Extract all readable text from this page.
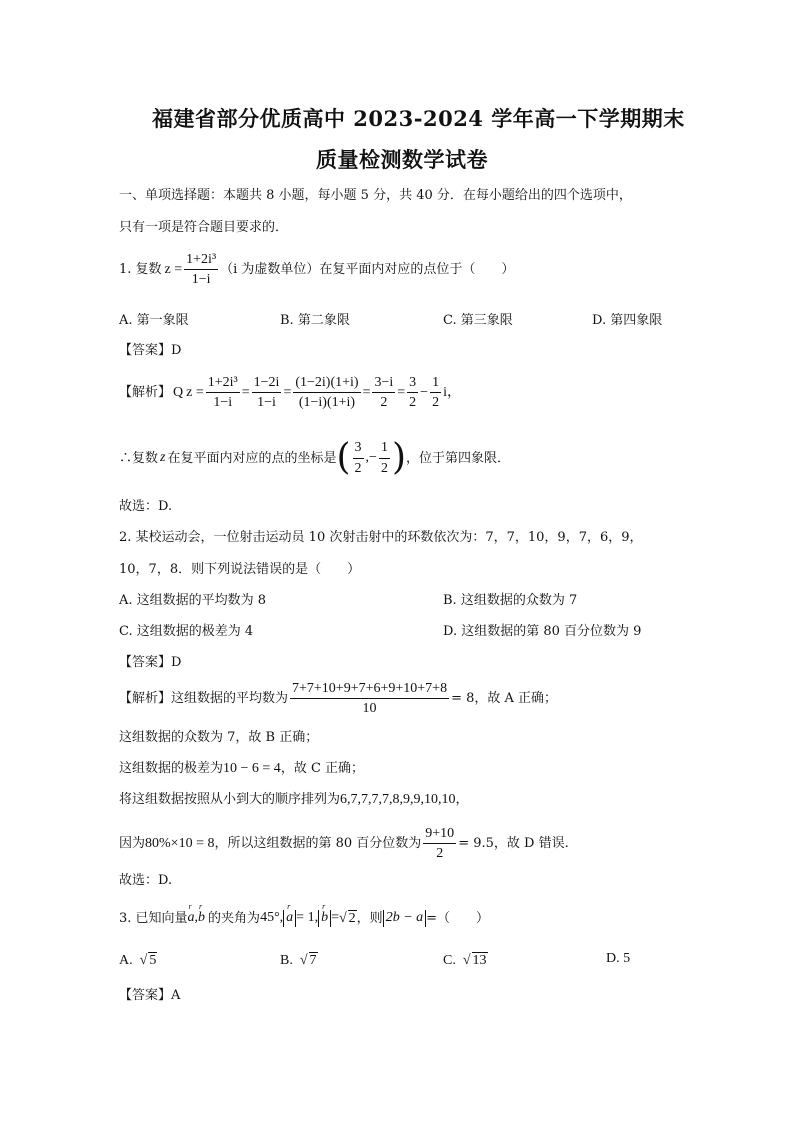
福建省部分优质高中 2023-2024 学年高一下学期期末
质量检测数学试卷
一、单项选择题：本题共 8 小题，每小题 5 分，共 40 分．在每小题给出的四个选项中，
只有一项是符合题目要求的．
1. 复数 $z = \frac{\text{1+2i³}}{1-i} (i$ 为虚数单位）在复平面内对应的点位于（　　）
A. 第一象限	B. 第二象限	C. 第三象限	D. 第四象限
【答案】D
【解析】 Q $z = \frac{\text{1+2i³}}{1-i} = \frac{1-2i}{1-i} = \frac{(1-2i)(1+i)}{(1-i)(1+i)} = \frac{3-i}{2} = \frac{3}{2} - \frac{1}{2}$ i，
∴复数 z 在复平面内对应的点的坐标是 ( $\frac{3}{2}$ ,− $\frac{1}{2}$ ) ，位于第四象限．
故选：D.
2. 某校运动会，一位射击运动员 10 次射击射中的环数依次为：7，7，10，9，7，6，9，
10，7，8．则下列说法错误的是（　　）
A. 这组数据的平均数为 8	B. 这组数据的众数为 7
C. 这组数据的极差为 4	D. 这组数据的第 80 百分位数为 9
【答案】D
【解析】这组数据的平均数为 $\frac{7+7+10+9+7+6+9+10+7+8}{10} = 8$，故 A 正确；
这组数据的众数为 7，故 B 正确；
这组数据的极差为10 − 6 = 4，故 C 正确；
将这组数据按照从小到大的顺序排列为6,7,7,7,7,8,9,9,10,10，
因为 80%×10 = 8 ，所以这组数据的第 80 百分位数为 $\frac{9+10}{2} = 9.5$，故 D 错误.
故选：D.
3. 已知向量
r
a ,
r
b 的夹角为 45°,
r
a = 1,
r
b = √ 2 ，则 2b − a =（　　）
A.  √ 5	B.  √ 7	C.  √ 13	D. 5
【答案】A
